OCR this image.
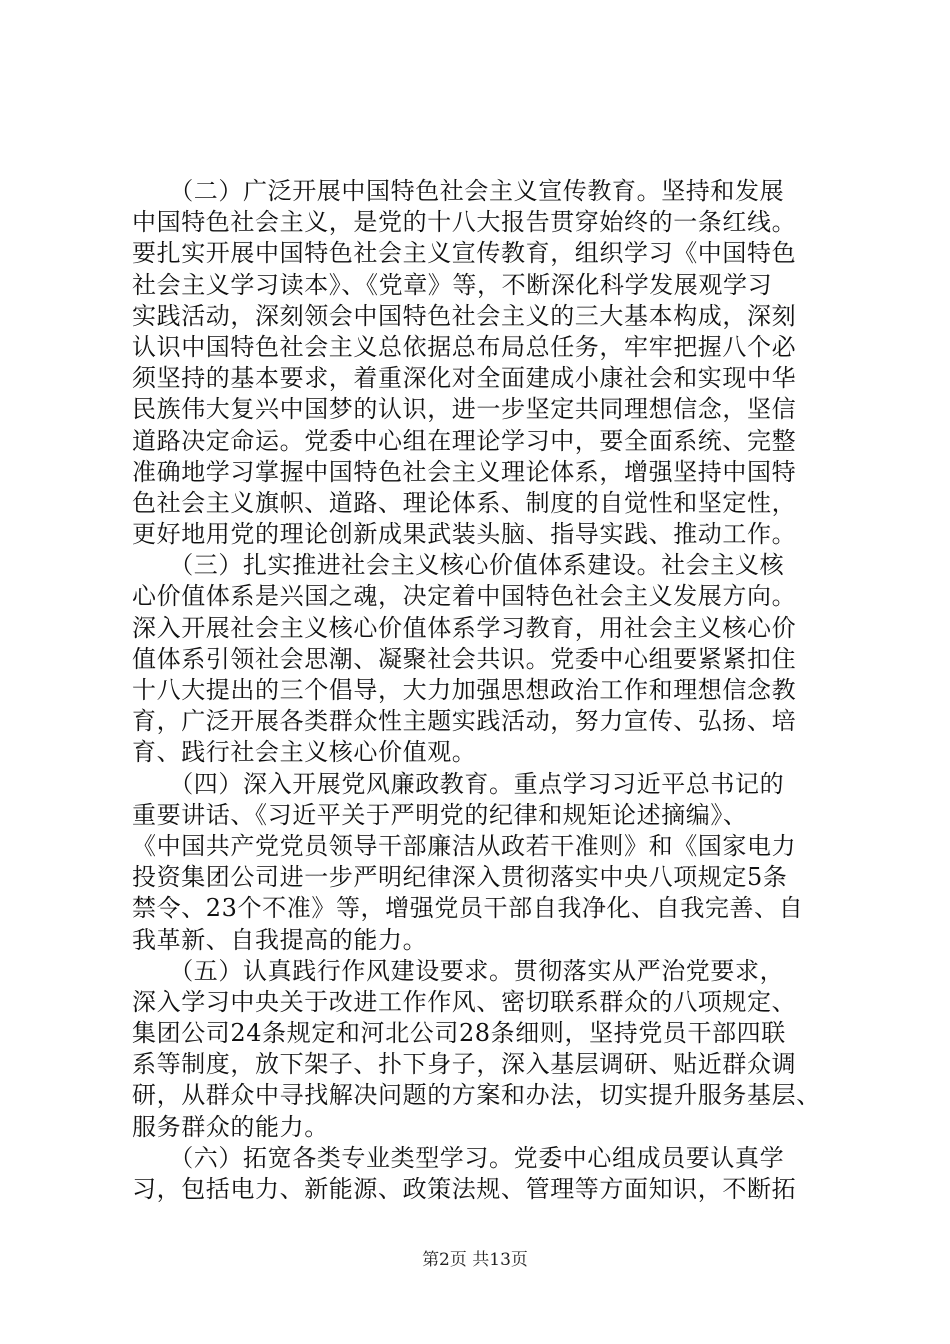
　　（二）广泛开展中国特色社会主义宣传教育。坚持和发展
中国特色社会主义，是党的十八大报告贯穿始终的一条红线。
要扎实开展中国特色社会主义宣传教育，组织学习《中国特色
社会主义学习读本》、《党章》等，不断深化科学发展观学习
实践活动，深刻领会中国特色社会主义的三大基本构成，深刻
认识中国特色社会主义总依据总布局总任务，牢牢把握八个必
须坚持的基本要求，着重深化对全面建成小康社会和实现中华
民族伟大复兴中国梦的认识，进一步坚定共同理想信念，坚信
道路决定命运。党委中心组在理论学习中，要全面系统、完整
准确地学习掌握中国特色社会主义理论体系，增强坚持中国特
色社会主义旗帜、道路、理论体系、制度的自觉性和坚定性，
更好地用党的理论创新成果武装头脑、指导实践、推动工作。
　　（三）扎实推进社会主义核心价值体系建设。社会主义核
心价值体系是兴国之魂，决定着中国特色社会主义发展方向。
深入开展社会主义核心价值体系学习教育，用社会主义核心价
值体系引领社会思潮、凝聚社会共识。党委中心组要紧紧扣住
十八大提出的三个倡导，大力加强思想政治工作和理想信念教
育，广泛开展各类群众性主题实践活动，努力宣传、弘扬、培
育、践行社会主义核心价值观。
　　（四）深入开展党风廉政教育。重点学习习近平总书记的
重要讲话、《习近平关于严明党的纪律和规矩论述摘编》、
《中国共产党党员领导干部廉洁从政若干准则》和《国家电力
投资集团公司进一步严明纪律深入贯彻落实中央八项规定5条
禁令、23个不准》等，增强党员干部自我净化、自我完善、自
我革新、自我提高的能力。
　　（五）认真践行作风建设要求。贯彻落实从严治党要求，
深入学习中央关于改进工作作风、密切联系群众的八项规定、
集团公司24条规定和河北公司28条细则，坚持党员干部四联
系等制度，放下架子、扑下身子，深入基层调研、贴近群众调
研，从群众中寻找解决问题的方案和办法，切实提升服务基层、
服务群众的能力。
　　（六）拓宽各类专业类型学习。党委中心组成员要认真学
习，包括电力、新能源、政策法规、管理等方面知识，不断拓
第2页 共13页
